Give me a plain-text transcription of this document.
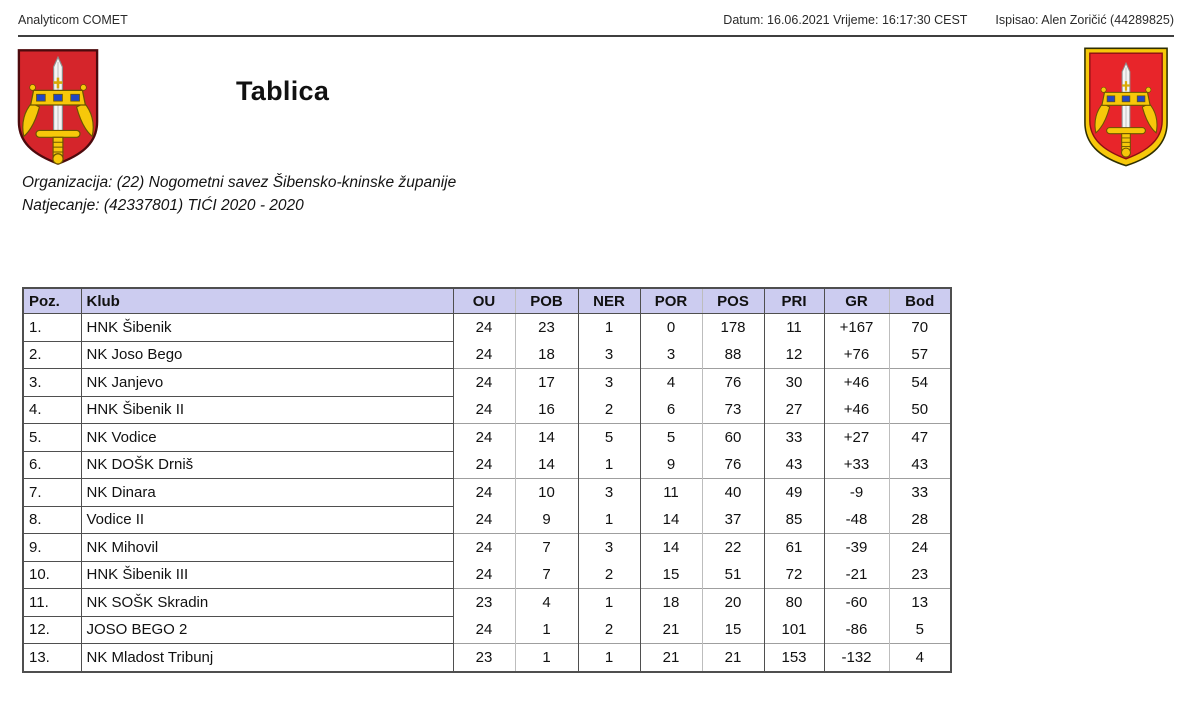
Analyticom COMET	Datum: 16.06.2021 Vrijeme: 16:17:30 CEST Ispisao: Alen Zoričić (44289825)
Tablica
Organizacija: (22) Nogometni savez Šibensko-kninske županije
Natjecanje: (42337801) TIĆI 2020 - 2020
Poz.	Klub	OU	POB	NER	POR	POS	PRI	GR	Bod
1.	HNK Šibenik	24	23	1	0	178	11	+167	70
2.	NK Joso Bego	24	18	3	3	88	12	+76	57
3.	NK Janjevo	24	17	3	4	76	30	+46	54
4.	HNK Šibenik II	24	16	2	6	73	27	+46	50
5.	NK Vodice	24	14	5	5	60	33	+27	47
6.	NK DOŠK Drniš	24	14	1	9	76	43	+33	43
7.	NK Dinara	24	10	3	11	40	49	-9	33
8.	Vodice II	24	9	1	14	37	85	-48	28
9.	NK Mihovil	24	7	3	14	22	61	-39	24
10.	HNK Šibenik III	24	7	2	15	51	72	-21	23
11.	NK SOŠK Skradin	23	4	1	18	20	80	-60	13
12.	JOSO BEGO 2	24	1	2	21	15	101	-86	5
13.	NK Mladost Tribunj	23	1	1	21	21	153	-132	4
